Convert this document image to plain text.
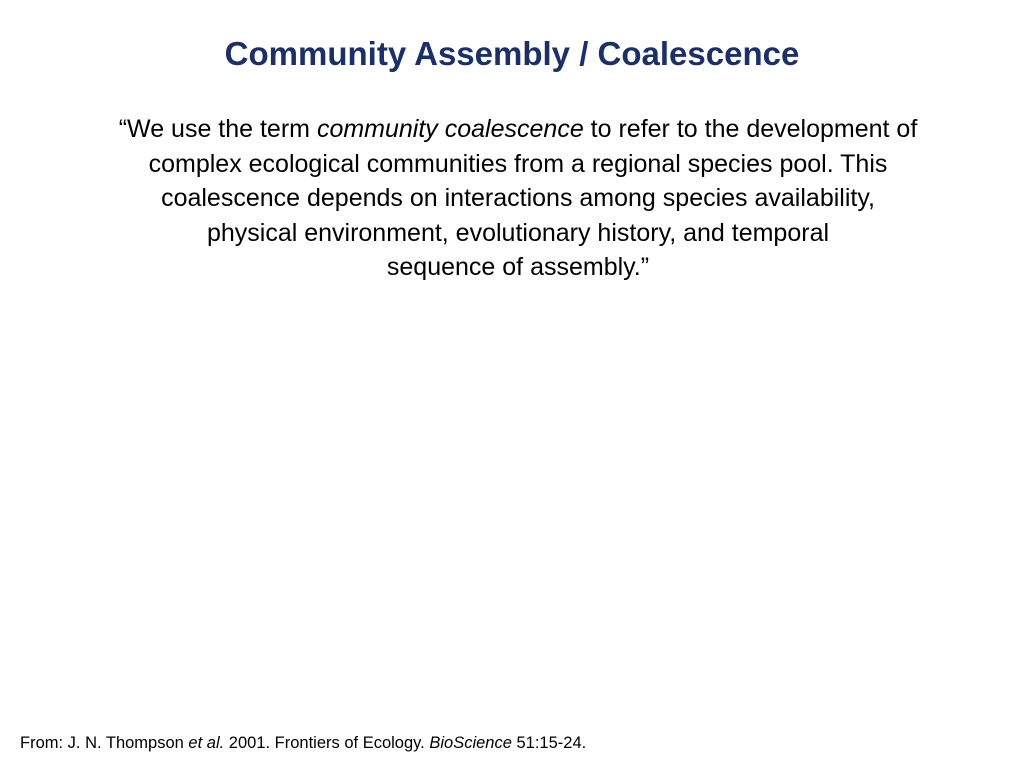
Community Assembly / Coalescence

“We use the term community coalescence to refer to the development of
complex ecological communities from a regional species pool. This
coalescence depends on interactions among species availability,
physical environment, evolutionary history, and temporal
sequence of assembly.”

From: J. N. Thompson et al. 2001. Frontiers of Ecology. BioScience 51:15-24.
